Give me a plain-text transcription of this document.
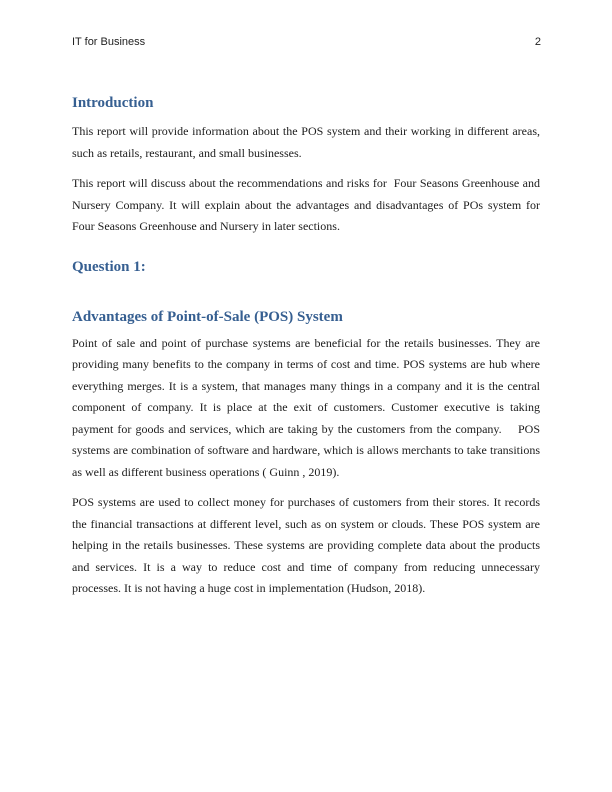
IT for Business	2
Introduction

This report will provide information about the POS system and their working in different areas, such as retails, restaurant, and small businesses.

This report will discuss about the recommendations and risks for  Four Seasons Greenhouse and Nursery Company. It will explain about the advantages and disadvantages of POs system for Four Seasons Greenhouse and Nursery in later sections.

Question 1:
Advantages of Point-of-Sale (POS) System

Point of sale and point of purchase systems are beneficial for the retails businesses. They are providing many benefits to the company in terms of cost and time. POS systems are hub where everything merges. It is a system, that manages many things in a company and it is the central component of company. It is place at the exit of customers. Customer executive is taking payment for goods and services, which are taking by the customers from the company.    POS systems are combination of software and hardware, which is allows merchants to take transitions as well as different business operations ( Guinn , 2019).

POS systems are used to collect money for purchases of customers from their stores. It records the financial transactions at different level, such as on system or clouds. These POS system are helping in the retails businesses. These systems are providing complete data about the products and services. It is a way to reduce cost and time of company from reducing unnecessary processes. It is not having a huge cost in implementation (Hudson, 2018).
